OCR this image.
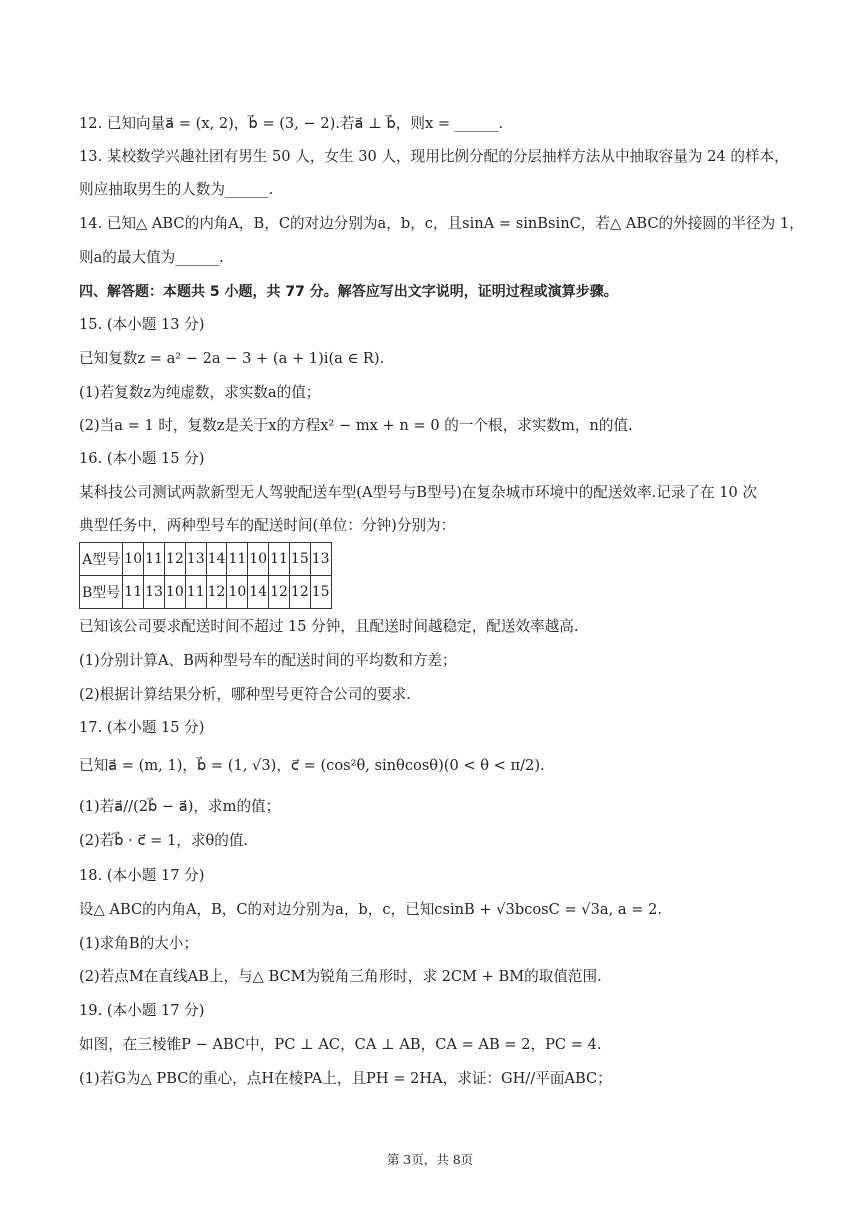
12. 已知向量a⃗ = (x, 2)，b⃗ = (3, − 2).若a⃗ ⊥ b⃗，则x = ______.
13. 某校数学兴趣社团有男生 50 人，女生 30 人，现用比例分配的分层抽样方法从中抽取容量为 24 的样本，
则应抽取男生的人数为______.
14. 已知△ ABC的内角A，B，C的对边分别为a，b，c，且sinA = sinBsinC，若△ ABC的外接圆的半径为 1，
则a的最大值为______.
四、解答题：本题共 5 小题，共 77 分。解答应写出文字说明，证明过程或演算步骤。
15. (本小题 13 分)
已知复数z = a² − 2a − 3 + (a + 1)i(a ∈ R).
(1)若复数z为纯虚数，求实数a的值；
(2)当a = 1 时，复数z是关于x的方程x² − mx + n = 0 的一个根，求实数m，n的值.
16. (本小题 15 分)
某科技公司测试两款新型无人驾驶配送车型(A型号与B型号)在复杂城市环境中的配送效率.记录了在 10 次
典型任务中，两种型号车的配送时间(单位：分钟)分别为：
A型号	10	11	12	13	14	11	10	11	15	13
B型号	11	13	10	11	12	10	14	12	12	15
已知该公司要求配送时间不超过 15 分钟，且配送时间越稳定，配送效率越高.
(1)分别计算A、B两种型号车的配送时间的平均数和方差；
(2)根据计算结果分析，哪种型号更符合公司的要求.
17. (本小题 15 分)
已知a⃗ = (m, 1)，b⃗ = (1, √3)，c⃗ = (cos²θ, sinθcosθ)(0 < θ < π/2).
(1)若a⃗//(2b⃗ − a⃗)，求m的值；
(2)若b⃗ · c⃗ = 1，求θ的值.
18. (本小题 17 分)
设△ ABC的内角A，B，C的对边分别为a，b，c，已知csinB + √3bcosC = √3a, a = 2.
(1)求角B的大小；
(2)若点M在直线AB上，与△ BCM为锐角三角形时，求 2CM + BM的取值范围.
19. (本小题 17 分)
如图，在三棱锥P − ABC中，PC ⊥ AC，CA ⊥ AB，CA = AB = 2，PC = 4.
(1)若G为△ PBC的重心，点H在棱PA上，且PH = 2HA，求证：GH//平面ABC；
第 3页，共 8页
